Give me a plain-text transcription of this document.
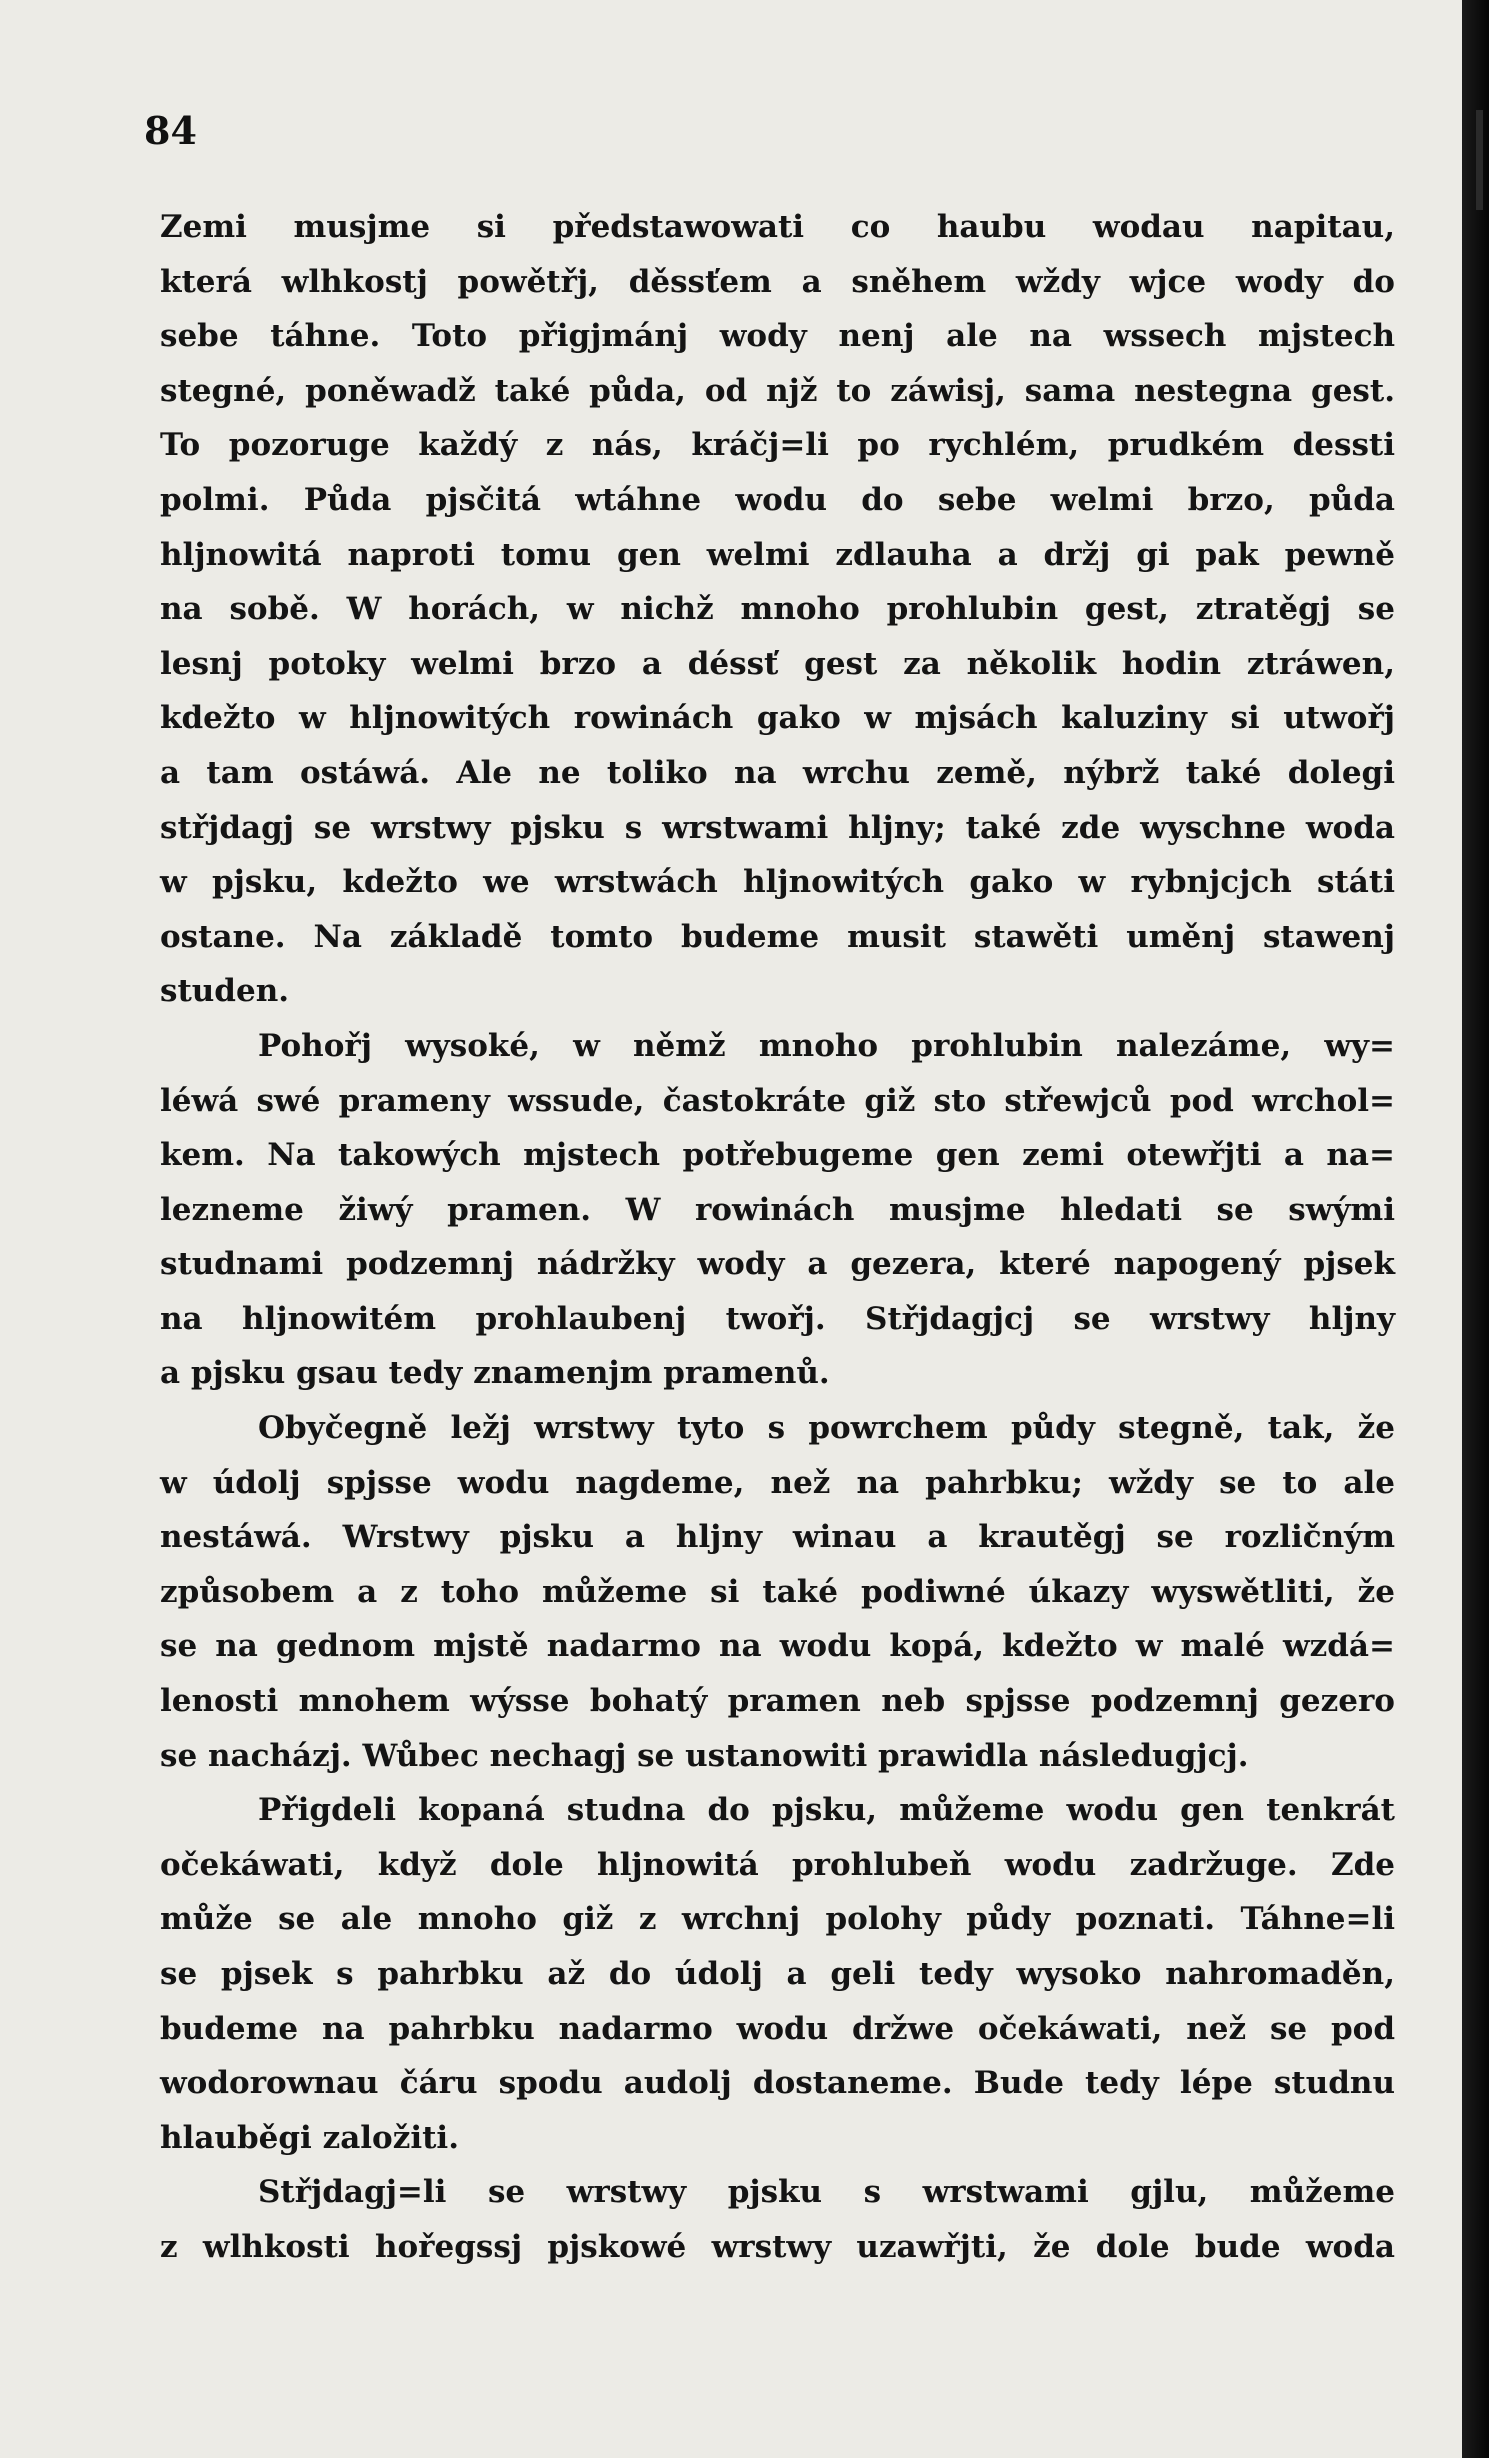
84
Zemi musjme si předstawowati co haubu wodau napitau,
která wlhkostj powětřj, děssťem a sněhem wždy wjce wody do
sebe táhne. Toto přigjmánj wody nenj ale na wssech mjstech
stegné, poněwadž také půda, od njž to záwisj, sama nestegna gest.
To pozoruge každý z nás, kráčj=li po rychlém, prudkém dessti
polmi. Půda pjsčitá wtáhne wodu do sebe welmi brzo, půda
hljnowitá naproti tomu gen welmi zdlauha a držj gi pak pewně
na sobě. W horách, w nichž mnoho prohlubin gest, ztratěgj se
lesnj potoky welmi brzo a déssť gest za několik hodin ztráwen,
kdežto w hljnowitých rowinách gako w mjsách kaluziny si utwořj
a tam ostáwá. Ale ne toliko na wrchu země, nýbrž také dolegi
střjdagj se wrstwy pjsku s wrstwami hljny; také zde wyschne woda
w pjsku, kdežto we wrstwách hljnowitých gako w rybnjcjch státi
ostane. Na základě tomto budeme musit stawěti uměnj stawenj
studen.
Pohořj wysoké, w němž mnoho prohlubin nalezáme, wy=
léwá swé prameny wssude, častokráte giž sto střewjců pod wrchol=
kem. Na takowých mjstech potřebugeme gen zemi otewřjti a na=
lezneme žiwý pramen. W rowinách musjme hledati se swými
studnami podzemnj nádržky wody a gezera, které napogený pjsek
na hljnowitém prohlaubenj twořj. Střjdagjcj se wrstwy hljny
a pjsku gsau tedy znamenjm pramenů.
Obyčegně ležj wrstwy tyto s powrchem půdy stegně, tak, že
w údolj spjsse wodu nagdeme, než na pahrbku; wždy se to ale
nestáwá. Wrstwy pjsku a hljny winau a krautěgj se rozličným
způsobem a z toho můžeme si také podiwné úkazy wyswětliti, že
se na gednom mjstě nadarmo na wodu kopá, kdežto w malé wzdá=
lenosti mnohem wýsse bohatý pramen neb spjsse podzemnj gezero
se nacházj. Wůbec nechagj se ustanowiti prawidla následugjcj.
Přigdeli kopaná studna do pjsku, můžeme wodu gen tenkrát
očekáwati, když dole hljnowitá prohlubeň wodu zadržuge. Zde
může se ale mnoho giž z wrchnj polohy půdy poznati. Táhne=li
se pjsek s pahrbku až do údolj a geli tedy wysoko nahromaděn,
budeme na pahrbku nadarmo wodu držwe očekáwati, než se pod
wodorownau čáru spodu audolj dostaneme. Bude tedy lépe studnu
hlauběgi založiti.
Střjdagj=li se wrstwy pjsku s wrstwami gjlu, můžeme
z wlhkosti hořegssj pjskowé wrstwy uzawřjti, že dole bude woda
